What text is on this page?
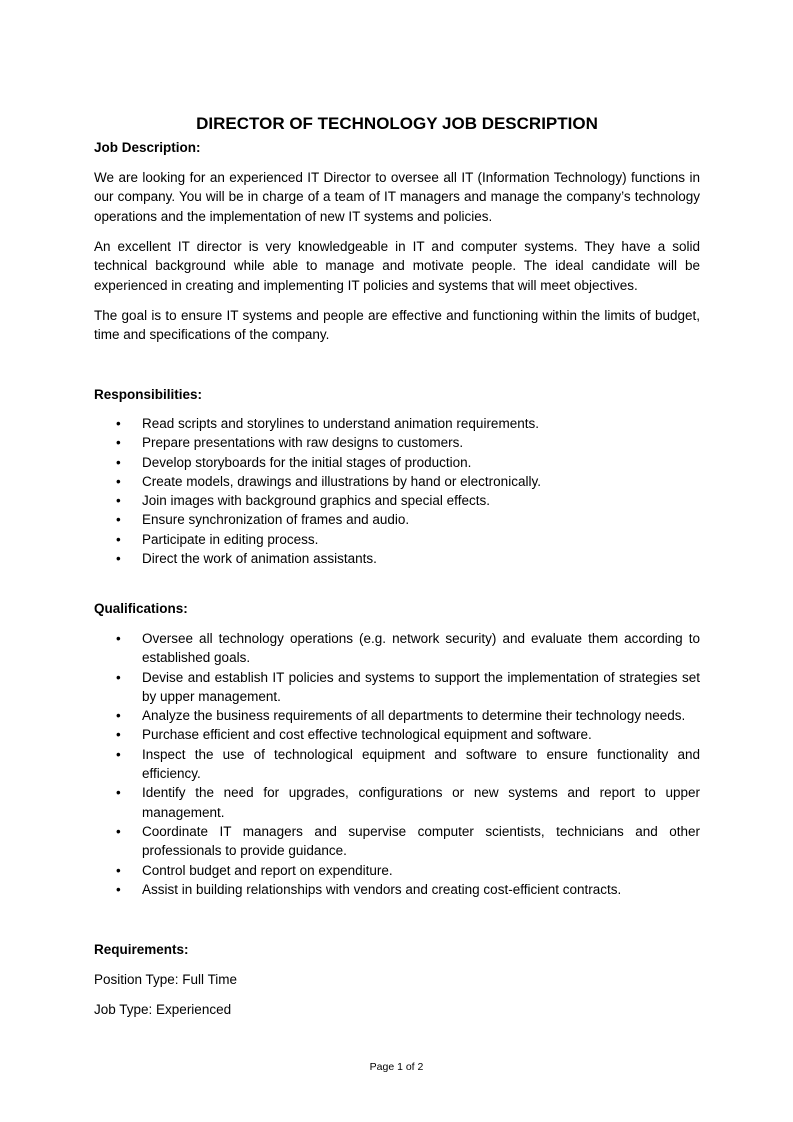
DIRECTOR OF TECHNOLOGY JOB DESCRIPTION
Job Description:
We are looking for an experienced IT Director to oversee all IT (Information Technology) functions in our company. You will be in charge of a team of IT managers and manage the company’s technology operations and the implementation of new IT systems and policies.
An excellent IT director is very knowledgeable in IT and computer systems. They have a solid technical background while able to manage and motivate people. The ideal candidate will be experienced in creating and implementing IT policies and systems that will meet objectives.
The goal is to ensure IT systems and people are effective and functioning within the limits of budget, time and specifications of the company.
Responsibilities:
• Read scripts and storylines to understand animation requirements.
• Prepare presentations with raw designs to customers.
• Develop storyboards for the initial stages of production.
• Create models, drawings and illustrations by hand or electronically.
• Join images with background graphics and special effects.
• Ensure synchronization of frames and audio.
• Participate in editing process.
• Direct the work of animation assistants.
Qualifications:
• Oversee all technology operations (e.g. network security) and evaluate them according to established goals.
• Devise and establish IT policies and systems to support the implementation of strategies set by upper management.
• Analyze the business requirements of all departments to determine their technology needs.
• Purchase efficient and cost effective technological equipment and software.
• Inspect the use of technological equipment and software to ensure functionality and efficiency.
• Identify the need for upgrades, configurations or new systems and report to upper management.
• Coordinate IT managers and supervise computer scientists, technicians and other professionals to provide guidance.
• Control budget and report on expenditure.
• Assist in building relationships with vendors and creating cost-efficient contracts.
Requirements:
Position Type: Full Time
Job Type: Experienced
Page 1 of 2
